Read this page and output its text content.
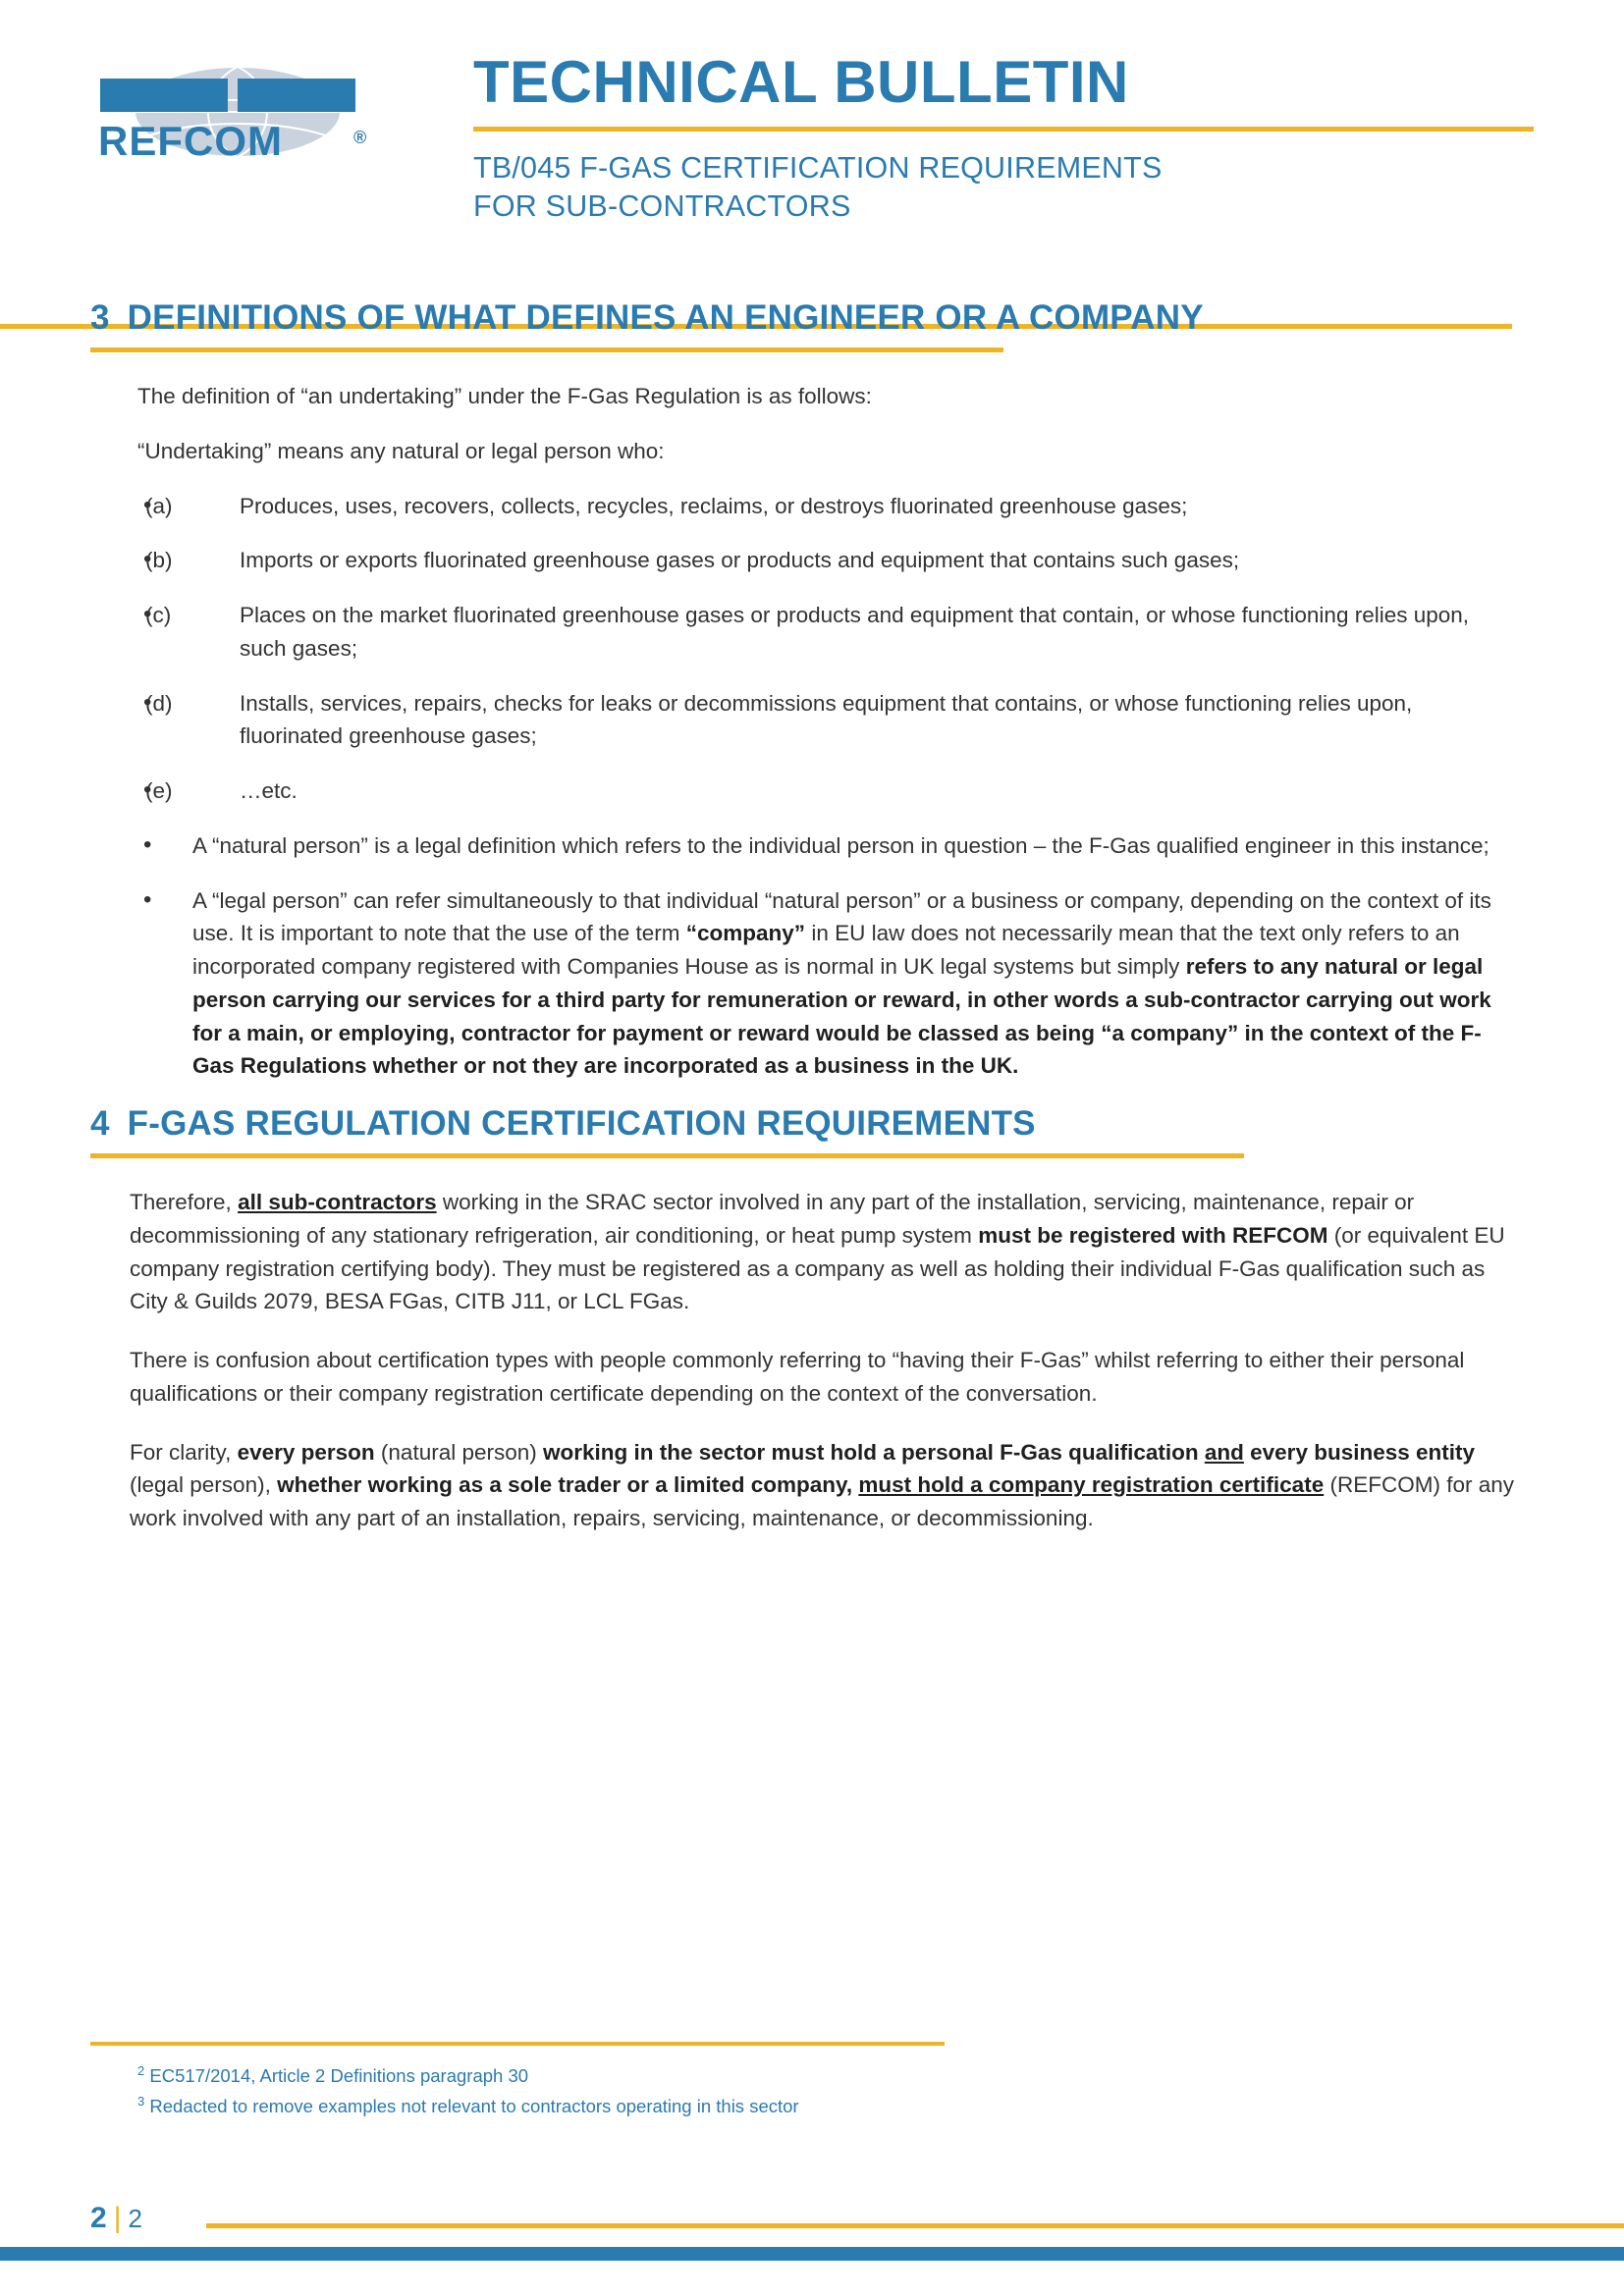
REFCOM	®
TECHNICAL BULLETIN
TB/045 F-GAS CERTIFICATION REQUIREMENTS
FOR SUB-CONTRACTORS
3 DEFINITIONS OF WHAT DEFINES AN ENGINEER OR A COMPANY

The definition of “an undertaking” under the F-Gas Regulation is as follows:

“Undertaking” means any natural or legal person who:

• (a)	Produces, uses, recovers, collects, recycles, reclaims, or destroys fluorinated greenhouse gases;
• (b)	Imports or exports fluorinated greenhouse gases or products and equipment that contains such gases;
• (c)	Places on the market fluorinated greenhouse gases or products and equipment that contain, or whose functioning relies upon, such gases;
• (d)	Installs, services, repairs, checks for leaks or decommissions equipment that contains, or whose functioning relies upon, fluorinated greenhouse gases;
• (e)	…etc.
• A “natural person” is a legal definition which refers to the individual person in question – the F-Gas qualified engineer in this instance;
• A “legal person” can refer simultaneously to that individual “natural person” or a business or company, depending on the context of its use. It is important to note that the use of the term “company” in EU law does not necessarily mean that the text only refers to an incorporated company registered with Companies House as is normal in UK legal systems but simply refers to any natural or legal person carrying our services for a third party for remuneration or reward, in other words a sub-contractor carrying out work for a main, or employing, contractor for payment or reward would be classed as being “a company” in the context of the F-Gas Regulations whether or not they are incorporated as a business in the UK.
4 F-GAS REGULATION CERTIFICATION REQUIREMENTS

Therefore, all sub-contractors working in the SRAC sector involved in any part of the installation, servicing, maintenance, repair or decommissioning of any stationary refrigeration, air conditioning, or heat pump system must be registered with REFCOM (or equivalent EU company registration certifying body). They must be registered as a company as well as holding their individual F-Gas qualification such as City & Guilds 2079, BESA FGas, CITB J11, or LCL FGas.

There is confusion about certification types with people commonly referring to “having their F-Gas” whilst referring to either their personal qualifications or their company registration certificate depending on the context of the conversation.

For clarity, every person (natural person) working in the sector must hold a personal F-Gas qualification and every business entity (legal person), whether working as a sole trader or a limited company, must hold a company registration certificate (REFCOM) for any work involved with any part of an installation, repairs, servicing, maintenance, or decommissioning.

$^2$ EC517/2014, Article 2 Definitions paragraph 30

$^3$ Redacted to remove examples not relevant to contractors operating in this sector

2 | 2
